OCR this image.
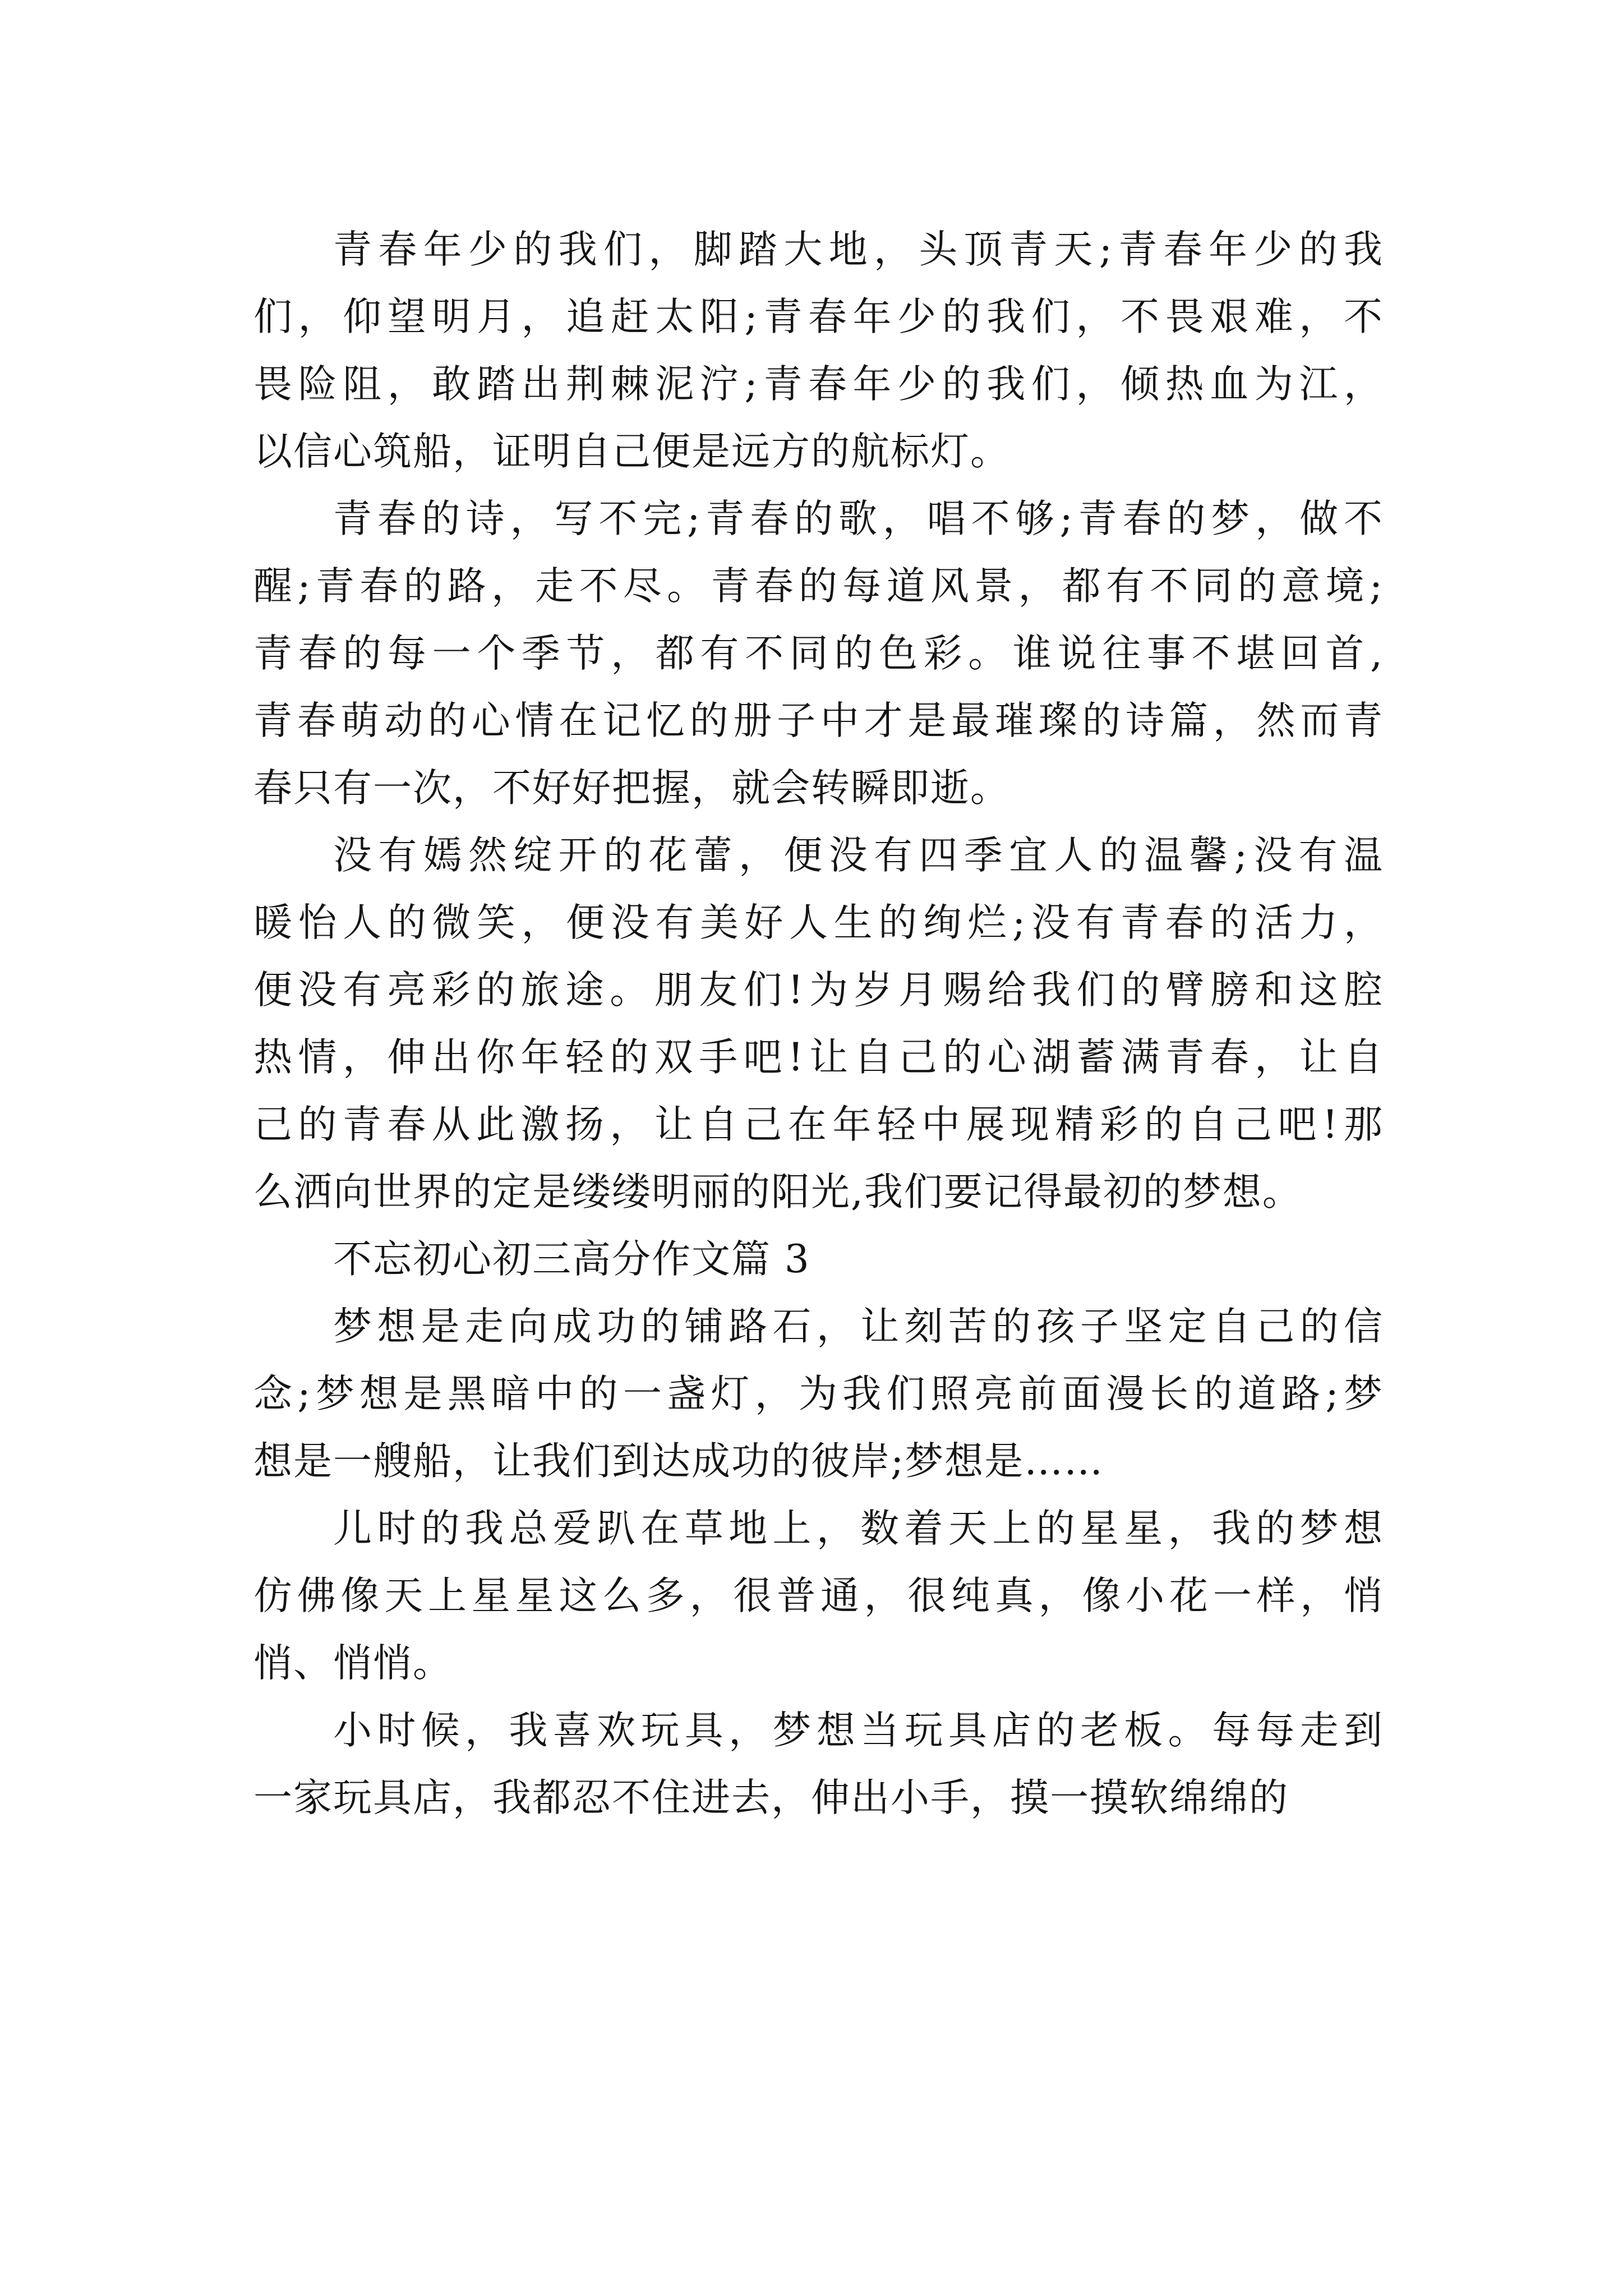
青春年少的我们，脚踏大地，头顶青天;青春年少的我
们，仰望明月，追赶太阳;青春年少的我们，不畏艰难，不
畏险阻，敢踏出荆棘泥泞;青春年少的我们，倾热血为江，
以信心筑船，证明自己便是远方的航标灯。
青春的诗，写不完;青春的歌，唱不够;青春的梦，做不
醒;青春的路，走不尽。青春的每道风景，都有不同的意境;
青春的每一个季节，都有不同的色彩。谁说往事不堪回首,
青春萌动的心情在记忆的册子中才是最璀璨的诗篇，然而青
春只有一次，不好好把握，就会转瞬即逝。
没有嫣然绽开的花蕾，便没有四季宜人的温馨;没有温
暖怡人的微笑，便没有美好人生的绚烂;没有青春的活力，
便没有亮彩的旅途。朋友们!为岁月赐给我们的臂膀和这腔
热情，伸出你年轻的双手吧!让自己的心湖蓄满青春，让自
己的青春从此激扬，让自己在年轻中展现精彩的自己吧!那
么洒向世界的定是缕缕明丽的阳光,我们要记得最初的梦想。
不忘初心初三高分作文篇 3
梦想是走向成功的铺路石，让刻苦的孩子坚定自己的信
念;梦想是黑暗中的一盏灯，为我们照亮前面漫长的道路;梦
想是一艘船，让我们到达成功的彼岸;梦想是……
儿时的我总爱趴在草地上，数着天上的星星，我的梦想
仿佛像天上星星这么多，很普通，很纯真，像小花一样，悄
悄、悄悄。
小时候，我喜欢玩具，梦想当玩具店的老板。每每走到
一家玩具店，我都忍不住进去，伸出小手，摸一摸软绵绵的
